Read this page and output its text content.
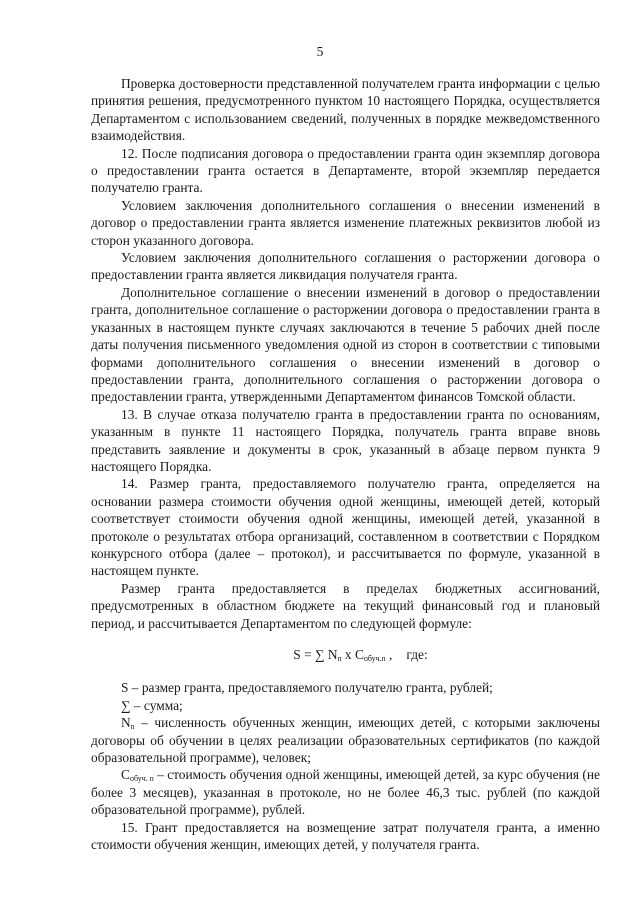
5

Проверка достоверности представленной получателем гранта информации с целью принятия решения, предусмотренного пунктом 10 настоящего Порядка, осуществляется Департаментом с использованием сведений, полученных в порядке межведомственного взаимодействия.

12. После подписания договора о предоставлении гранта один экземпляр договора о предоставлении гранта остается в Департаменте, второй экземпляр передается получателю гранта.

Условием заключения дополнительного соглашения о внесении изменений в договор о предоставлении гранта является изменение платежных реквизитов любой из сторон указанного договора.

Условием заключения дополнительного соглашения о расторжении договора о предоставлении гранта является ликвидация получателя гранта.

Дополнительное соглашение о внесении изменений в договор о предоставлении гранта, дополнительное соглашение о расторжении договора о предоставлении гранта в указанных в настоящем пункте случаях заключаются в течение 5 рабочих дней после даты получения письменного уведомления одной из сторон в соответствии с типовыми формами дополнительного соглашения о внесении изменений в договор о предоставлении гранта, дополнительного соглашения о расторжении договора о предоставлении гранта, утвержденными Департаментом финансов Томской области.

13. В случае отказа получателю гранта в предоставлении гранта по основаниям, указанным в пункте 11 настоящего Порядка, получатель гранта вправе вновь представить заявление и документы в срок, указанный в абзаце первом пункта 9 настоящего Порядка.

14. Размер гранта, предоставляемого получателю гранта, определяется на основании размера стоимости обучения одной женщины, имеющей детей, который соответствует стоимости обучения одной женщины, имеющей детей, указанной в протоколе о результатах отбора организаций, составленном в соответствии с Порядком конкурсного отбора (далее – протокол), и рассчитывается по формуле, указанной в настоящем пункте.

Размер гранта предоставляется в пределах бюджетных ассигнований, предусмотренных в областном бюджете на текущий финансовый год и плановый период, и рассчитывается Департаментом по следующей формуле:

S = ∑ $N_n$ x $C_{обуч.n}$ , где:

S – размер гранта, предоставляемого получателю гранта, рублей;

∑ – сумма;

$N_n$ – численность обученных женщин, имеющих детей, с которыми заключены договоры об обучении в целях реализации образовательных сертификатов (по каждой образовательной программе), человек;

$C_{обуч. n}$ – стоимость обучения одной женщины, имеющей детей, за курс обучения (не более 3 месяцев), указанная в протоколе, но не более 46,3 тыс. рублей (по каждой образовательной программе), рублей.

15. Грант предоставляется на возмещение затрат получателя гранта, а именно стоимости обучения женщин, имеющих детей, у получателя гранта.
